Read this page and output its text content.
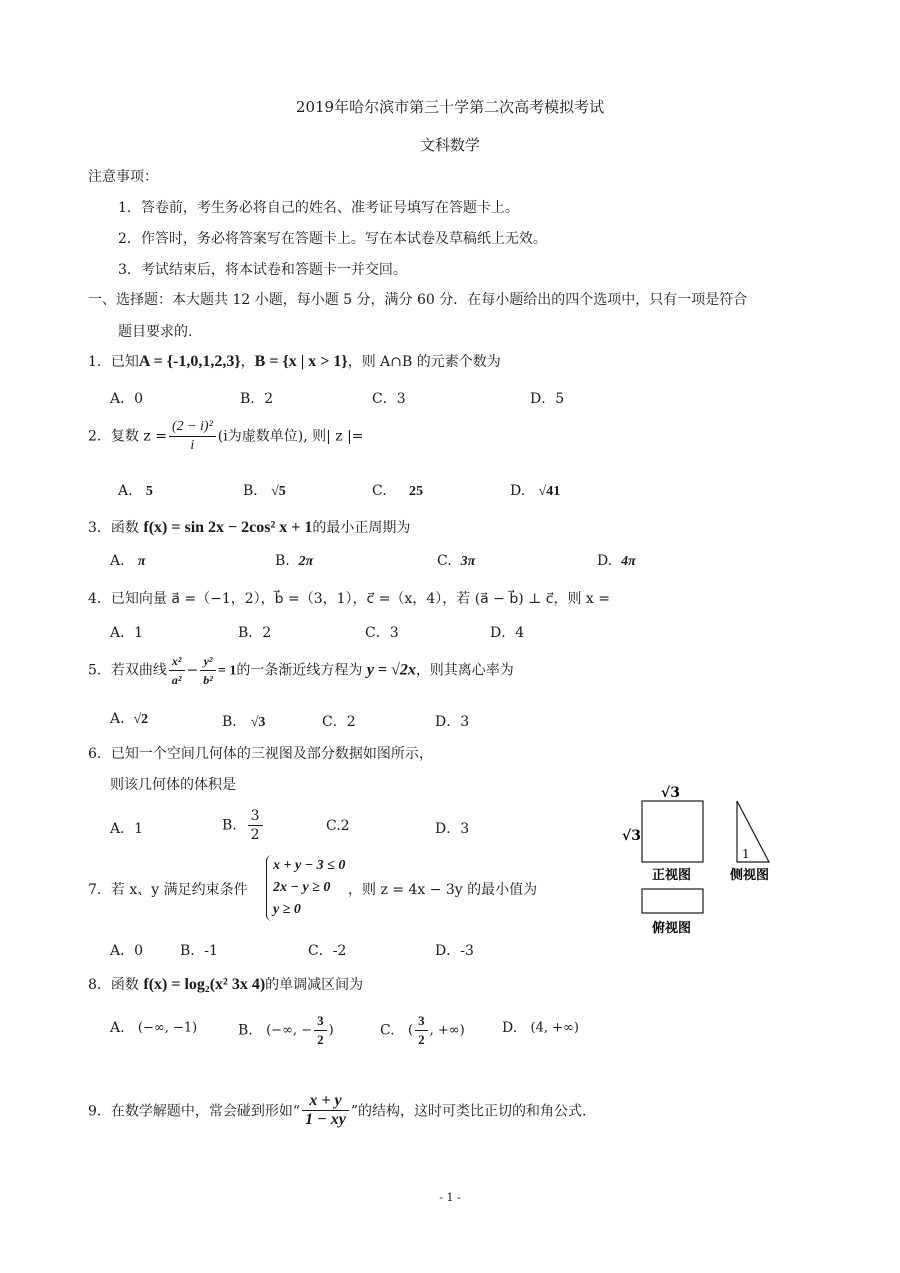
2019年哈尔滨市第三十学第二次高考模拟考试
文科数学
注意事项：
1．答卷前，考生务必将自己的姓名、准考证号填写在答题卡上。
2．作答时，务必将答案写在答题卡上。写在本试卷及草稿纸上无效。
3．考试结束后，将本试卷和答题卡一并交回。
一、选择题：本大题共 12 小题，每小题 5 分，满分 60 分．在每小题给出的四个选项中，只有一项是符合
题目要求的.
1．已知A = {-1,0,1,2,3}，B = {x | x > 1}，则 A∩B 的元素个数为
A．0	B．2	C．3	D．5
2．复数 $z = \frac{\text{(2 − i)²}}{i} (i$为虚数单位), 则| z |=
A. 5	B. √5	C. 25	D. √41
3．函数 f(x) = sin 2x − 2cos² x + 1的最小正周期为
A. π	B. 2π	C. 3π	D. 4π
4．已知向量 a⃗ =（−1，2），b⃗ =（3，1），c⃗ =（x，4），若 (a⃗ − b⃗) ⊥ c⃗，则 x =
A．1	B．2	C．3	D．4
5．若双曲线 $\frac{\text{x²}}{\text{a²}} - \frac{\text{y²}}{\text{b²}} = 1$的一条渐近线方程为 y = √2x，则其离心率为
A. √2	B． √3	C．2	D．3
6．已知一个空间几何体的三视图及部分数据如图所示，
则该几何体的体积是
A．1	B. $\frac{3}{2}$	C.2	D．3
√3
√3
1
正视图	侧视图
俯视图
7．若 x、y 满足约束条件
x + y − 3 ≤ 0
2x − y ≥ 0
y ≥ 0
，则 z = 4x − 3y 的最小值为
A．0	B．-1	C．-2	D．-3
8．函数 f(x) = log₂(x² 3x 4)的单调减区间为
A. (−∞, −1)	B. (−∞, − $\frac{3}{2}$ )	C. ( $\frac{3}{2}$ , +∞)	D. (4, +∞)
9．在数学解题中，常会碰到形如“ $\frac{x + y}{1 - xy}$ ”的结构，这时可类比正切的和角公式.
- 1 -
